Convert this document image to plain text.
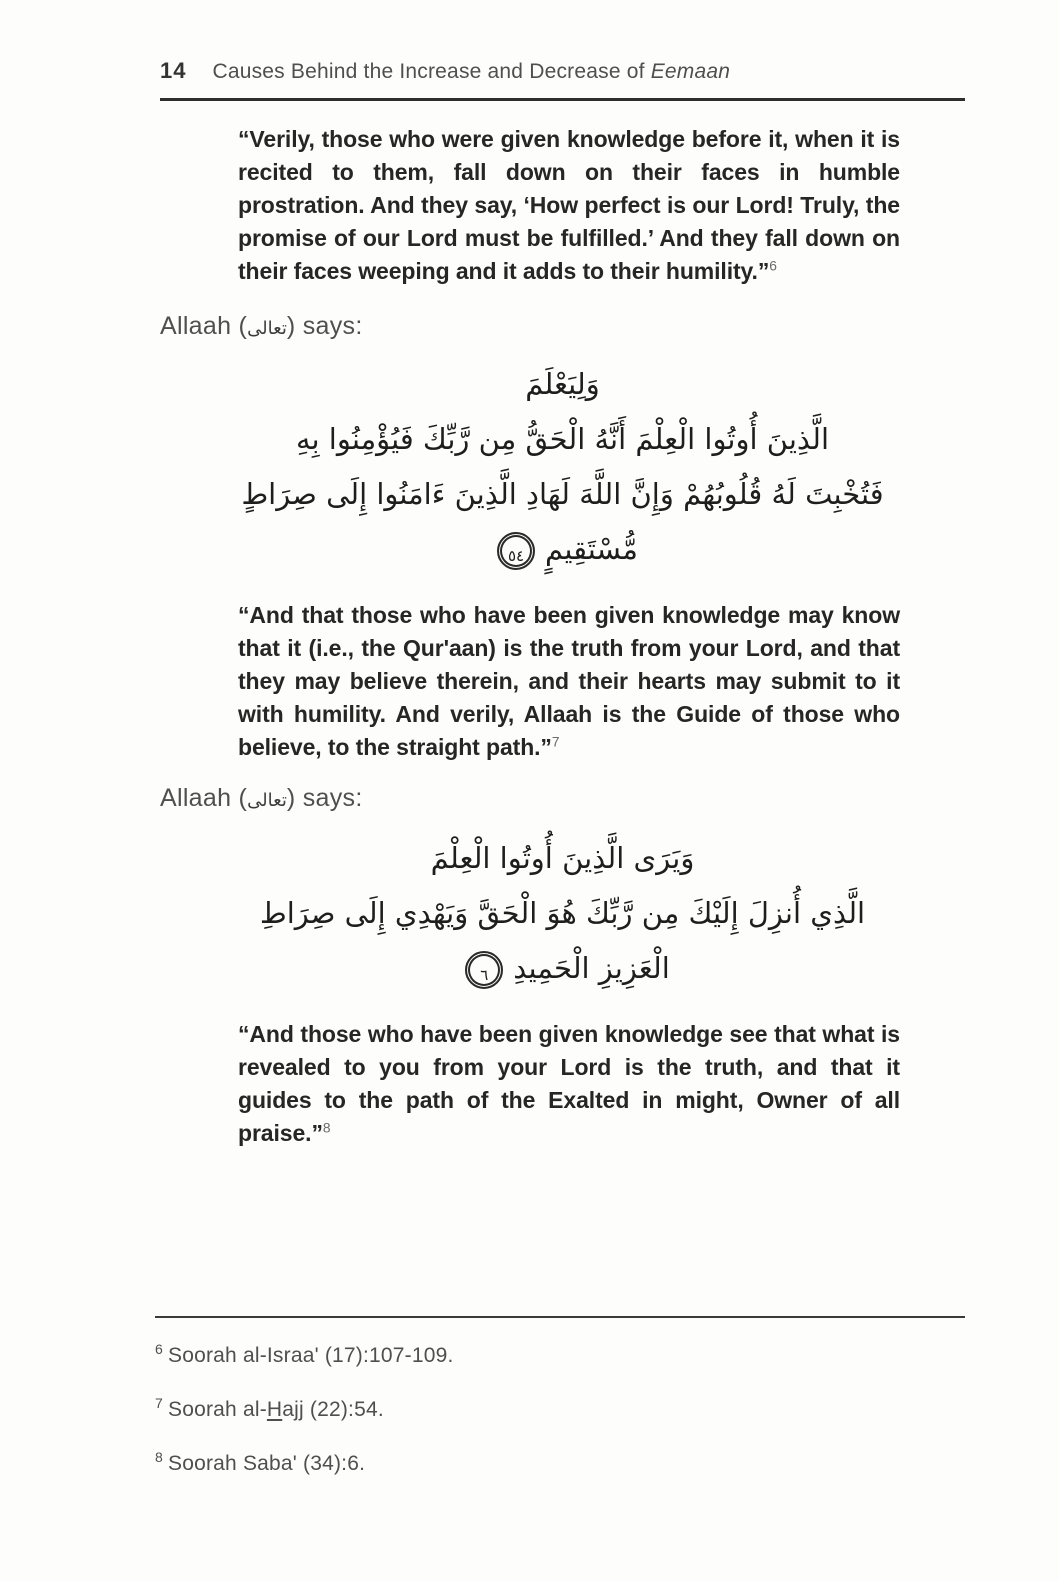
14 Causes Behind the Increase and Decrease of Eemaan
“Verily, those who were given knowledge before it, when it is recited to them, fall down on their faces in humble prostration. And they say, ‘How perfect is our Lord! Truly, the promise of our Lord must be fulfilled.’ And they fall down on their faces weeping and it adds to their humility.”$^6$
Allaah (تعالى) says:
وَلِيَعْلَمَ
الَّذِينَ أُوتُوا الْعِلْمَ أَنَّهُ الْحَقُّ مِن رَّبِّكَ فَيُؤْمِنُوا بِهِ
فَتُخْبِتَ لَهُ قُلُوبُهُمْ وَإِنَّ اللَّهَ لَهَادِ الَّذِينَ ءَامَنُوا إِلَى صِرَاطٍ
مُّسْتَقِيمٍ٥٤
“And that those who have been given knowledge may know that it (i.e., the Qur'aan) is the truth from your Lord, and that they may believe therein, and their hearts may submit to it with humility. And verily, Allaah is the Guide of those who believe, to the straight path.”$^7$
Allaah (تعالى) says:
وَيَرَى الَّذِينَ أُوتُوا الْعِلْمَ
الَّذِي أُنزِلَ إِلَيْكَ مِن رَّبِّكَ هُوَ الْحَقَّ وَيَهْدِي إِلَى صِرَاطِ
الْعَزِيزِ الْحَمِيدِ٦
“And those who have been given knowledge see that what is revealed to you from your Lord is the truth, and that it guides to the path of the Exalted in might, Owner of all praise.”$^8$
$^6$ Soorah al-Israa' (17):107-109.
$^7$ Soorah al-Hajj (22):54.
$^8$ Soorah Saba' (34):6.
